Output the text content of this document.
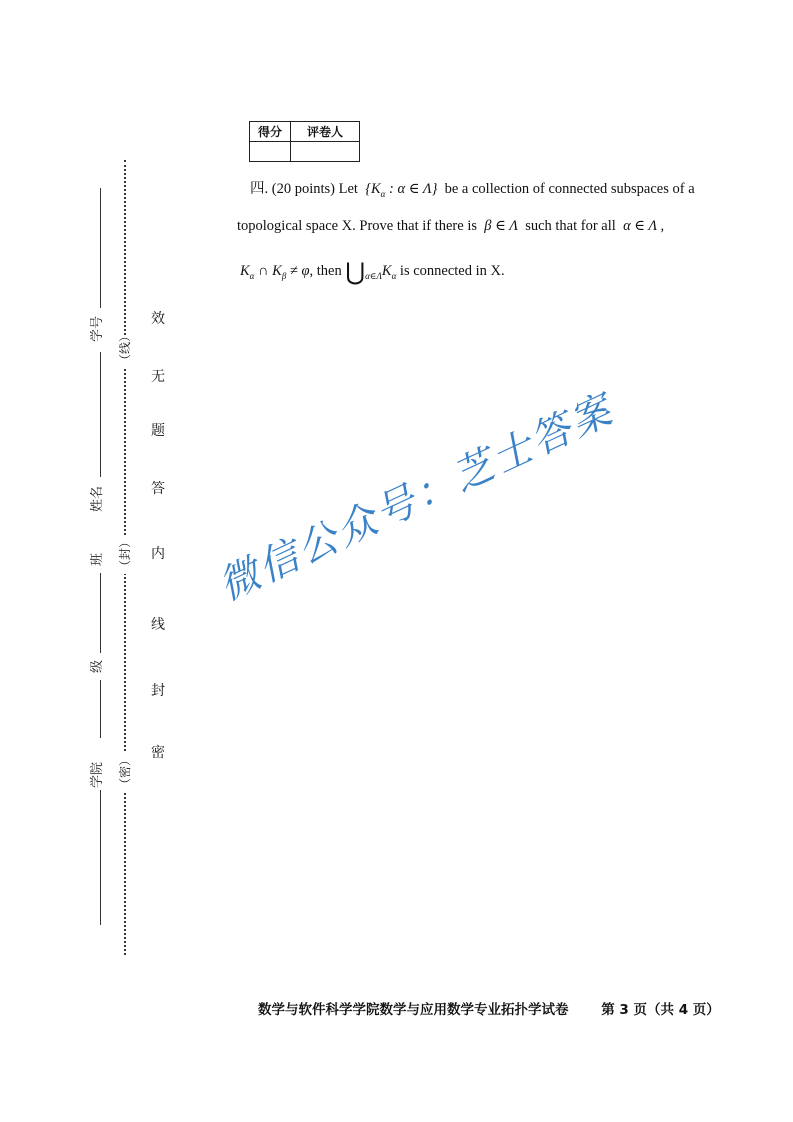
得分	评卷人

四. (20 points) Let {$K_\alpha$ : α ∈ Λ} be a collection of connected subspaces of a
topological space X. Prove that if there is β ∈ Λ such that for all α ∈ Λ ,
$K_\alpha$ ∩ $K_\beta \ne \varphi$, then $⋃_{\alpha\in\Lambda}K_\alpha$ is connected in X.
学院
级
班
姓名
学号
（线）
（封）
（密）
密
封
线
内
答
题
无
效
微信公众号：芝士答案
数学与软件科学学院数学与应用数学专业拓扑学试卷 第 3 页（共 4 页）
